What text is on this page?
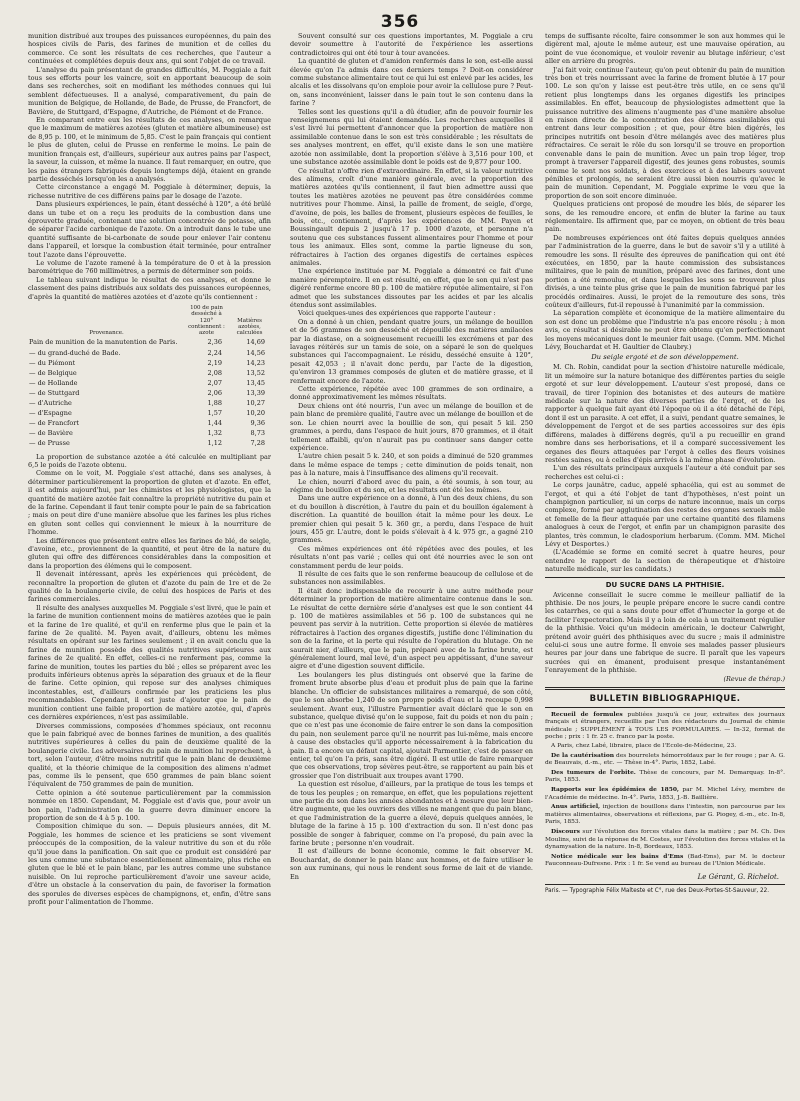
356

munition distribué aux troupes des puissances européennes, du pain des hospices civils de Paris, des farines de munition et de celles du commerce. Ce sont les résultats de ces recherches, que l'auteur a continuées et complétées depuis deux ans, qui sont l'objet de ce travail.

L'analyse du pain présentant de grandes difficultés, M. Poggiale a fait tous ses efforts pour les vaincre, soit en apportant beaucoup de soin dans ses recherches, soit en modifiant les méthodes connues qui lui semblent défectueuses. Il a analysé, comparativement, du pain de munition de Belgique, de Hollande, de Bade, de Prusse, de Francfort, de Bavière, de Stuttgard, d'Espagne, d'Autriche, de Piémont et de France.

En comparant entre eux les résultats de ces analyses, on remarque que le maximum de matières azotées (gluten et matière albumineuse) est de 8,95 p. 100, et le minimum de 5,85. C'est le pain français qui contient le plus de gluten, celui de Prusse en renferme le moins. Le pain de munition français est, d'ailleurs, supérieur aux autres pains par l'aspect, la saveur, la cuisson, et même la nuance. Il faut remarquer, en outre, que les pains étrangers fabriqués depuis longtemps déjà, étaient en grande partie desséchés lorsqu'on les a analysés.

Cette circonstance a engagé M. Poggiale à déterminer, depuis, la richesse nutritive de ces différens pains par le dosage de l'azote.

Dans plusieurs expériences, le pain, étant desséché à 120°, a été brûlé dans un tube et on a reçu les produits de la combustion dans une éprouvette graduée, contenant une solution concentrée de potasse, afin de séparer l'acide carbonique de l'azote. On a introduit dans le tube une quantité suffisante de bi-carbonate de soude pour enlever l'air contenu dans l'appareil, et lorsque la combustion était terminée, pour entraîner tout l'azote dans l'éprouvette.

Le volume de l'azote ramené à la température de 0 et à la pression barométrique de 760 millimètres, a permis de déterminer son poids.

Le tableau suivant indique le résultat de ces analyses, et donne le classement des pains distribués aux soldats des puissances européennes, d'après la quantité de matières azotées et d'azote qu'ils contiennent :

Provenance.	100 de pain desséché à 120° contiennent : azote	Matières azotées, calculées
Pain de munition de la manutention de Paris.	2,36	14,69
— du grand-duché de Bade.	2,24	14,56
— du Piémont	2,19	14,23
— de Belgique	2,08	13,52
— de Hollande	2,07	13,45
— de Stuttgard	2,06	13,39
— d'Autriche	1,88	10,27
— d'Espagne	1,57	10,20
— de Francfort	1,44	9,36
— de Bavière	1,32	8,73
— de Prusse	1,12	7,28

La proportion de substance azotée a été calculée en multipliant par 6,5 le poids de l'azote obtenu.

Comme on le voit, M. Poggiale s'est attaché, dans ses analyses, à déterminer particulièrement la proportion de gluten et d'azote. En effet, il est admis aujourd'hui, par les chimistes et les physiologistes, que la quantité de matière azotée fait connaître la propriété nutritive du pain et de la farine. Cependant il faut tenir compte pour le pain de sa fabrication ; mais on peut dire d'une manière absolue que les farines les plus riches en gluten sont celles qui conviennent le mieux à la nourriture de l'homme.

Les différences que présentent entre elles les farines de blé, de seigle, d'avoine, etc., proviennent de la quantité, et peut être de la nature du gluten qui offre des différences considérables dans la composition et dans la proportion des élémens qui le composent.

Il devenait intéressant, après les expériences qui précèdent, de reconnaître la proportion de gluten et d'azote du pain de 1re et de 2e qualité de la boulangerie civile, de celui des hospices de Paris et des farines commerciales.

Il résulte des analyses auxquelles M. Poggiale s'est livré, que le pain et la farine de munition contiennent moins de matières azotées que le pain et la farine de 1re qualité, et qu'il en renferme plus que le pain et la farine de 2e qualité. M. Payen avait, d'ailleurs, obtenu les mêmes résultats en opérant sur les farines seulement ; il en avait conclu que la farine de munition possède des qualités nutritives supérieures aux farines de 2e qualité. En effet, celles-ci ne renferment pas, comme la farine de munition, toutes les parties du blé ; elles se préparent avec les produits inférieurs obtenus après la séparation des gruaux et de la fleur de farine. Cette opinion, qui repose sur des analyses chimiques incontestables, est, d'ailleurs confirmée par les praticiens les plus recommandables. Cependant, il est juste d'ajouter que le pain de munition contient une faible proportion de matière azotée, qui, d'après ces dernières expériences, n'est pas assimilable.

Diverses commissions, composées d'hommes spéciaux, ont reconnu que le pain fabriqué avec de bonnes farines de munition, a des qualités nutritives supérieures à celles du pain de deuxième qualité de la boulangerie civile. Les adversaires du pain de munition lui reprochent, à tort, selon l'auteur, d'être moins nutritif que le pain blanc de deuxième qualité, et la théorie chimique de la composition des alimens n'admet pas, comme ils le pensent, que 650 grammes de pain blanc soient l'équivalent de 750 grammes de pain de munition.

Cette opinion a été soutenue particulièrement par la commission nommée en 1850. Cependant, M. Poggiale est d'avis que, pour avoir un bon pain, l'administration de la guerre devra diminuer encore la proportion de son de 4 à 5 p. 100.

Composition chimique du son. — Depuis plusieurs années, dit M. Poggiale, les hommes de science et les praticiens se sont vivement préoccupés de la composition, de la valeur nutritive du son et du rôle qu'il joue dans la panification. On sait que ce produit est considéré par les uns comme une substance essentiellement alimentaire, plus riche en gluten que le blé et le pain blanc, par les autres comme une substance nuisible. On lui reproche particulièrement d'avoir une saveur acide, d'être un obstacle à la conservation du pain, de favoriser la formation des sporules de diverses espèces de champignons, et, enfin, d'être sans profit pour l'alimentation de l'homme.

Souvent consulté sur ces questions importantes, M. Poggiale a cru devoir soumettre à l'autorité de l'expérience les assertions contradictoires qui ont été tour à tour avancées.

La quantité de gluten et d'amidon renfermés dans le son, est-elle aussi élevée qu'on l'a admis dans ces derniers temps ? Doit-on considérer comme substance alimentaire tout ce qui lui est enlevé par les acides, les alcalis et les dissolvans qu'on emploie pour avoir la cellulose pure ? Peut-on, sans inconvénient, laisser dans le pain tout le son contenu dans la farine ?

Telles sont les questions qu'il a dû étudier, afin de pouvoir fournir les renseignemens qui lui étaient demandés. Les recherches auxquelles il s'est livré lui permettent d'annoncer que la proportion de matière non assimilable contenue dans le son est très considérable ; les résultats de ses analyses montrent, en effet, qu'il existe dans le son une matière azotée non assimilable, dont la proportion s'élève à 3,516 pour 100, et une substance azotée assimilable dont le poids est de 9,877 pour 100.

Ce résultat n'offre rien d'extraordinaire. En effet, si la valeur nutritive des alimens, croît d'une manière générale, avec la proportion des matières azotées qu'ils contiennent, il faut bien admettre aussi que toutes les matières azotées ne peuvent pas être considérées comme nutritives pour l'homme. Ainsi, la paille de froment, de seigle, d'orge, d'avoine, de pois, les balles de froment, plusieurs espèces de feuilles, le bois, etc., contiennent, d'après les expériences de MM. Payen et Boussingault depuis 2 jusqu'à 17 p. 1000 d'azote, et personne n'a soutenu que ces substances fussent alimentaires pour l'homme et pour tous les animaux. Elles sont, comme la partie ligneuse du son, réfractaires à l'action des organes digestifs de certaines espèces animales.

Une expérience instituée par M. Poggiale a démontré ce fait d'une manière péremptoire. Il en est résulté, en effet, que le son qui n'est pas digéré renferme encore 80 p. 100 de matière réputée alimentaire, si l'on admet que les substances dissoutes par les acides et par les alcalis étendus sont assimilables.

Voici quelques-unes des expériences que rapporte l'auteur :

On a donné à un chien, pendant quatre jours, un mélange de bouillon et de 56 grammes de son desséché et dépouillé des matières amilacées par la diastase, on a soigneusement recueilli les excrémens et par des lavages réitérés sur un tamis de soie, on a séparé le son de quelques substances qui l'accompagnaient. Le résidu, desséché ensuite à 120°, pesait 42,053 ; il n'avait donc perdu, par l'acte de la digestion, qu'environ 13 grammes composés de gluten et de matière grasse, et il renfermait encore de l'azote.

Cette expérience, répétée avec 100 grammes de son ordinaire, a donné approximativement les mêmes résultats.

Deux chiens ont été nourris, l'un avec un mélange de bouillon et de pain blanc de première qualité, l'autre avec un mélange de bouillon et de son. Le chien nourri avec la bouillie de son, qui pesait 5 kil. 250 grammes, a perdu, dans l'espace de huit jours, 870 grammes, et il était tellement affaibli, qu'on n'aurait pas pu continuer sans danger cette expérience.

L'autre chien pesait 5 k. 240, et son poids a diminué de 520 grammes dans le même espace de temps ; cette diminution de poids tenait, non pas à la nature, mais à l'insuffisance des alimens qu'il recevait.

Le chien, nourri d'abord avec du pain, a été soumis, à son tour, au régime du bouillon et du son, et les résultats ont été les mêmes.

Dans une autre expérience on a donné, à l'un des deux chiens, du son et du bouillon à discrétion, à l'autre du pain et du bouillon également à discrétion. La quantité de bouillon était la même pour les deux. Le premier chien qui pesait 5 k. 360 gr., a perdu, dans l'espace de huit jours, 455 gr. L'autre, dont le poids s'élevait à 4 k. 975 gr., a gagné 210 grammes.

Ces mêmes expériences ont été répétées avec des poules, et les résultats n'ont pas varié ; celles qui ont été nourries avec le son ont constamment perdu de leur poids.

Il résulte de ces faits que le son renferme beaucoup de cellulose et de substances non assimilables.

Il était donc indispensable de recourir à une autre méthode pour déterminer la proportion de matière alimentaire contenue dans le son. Le résultat de cette dernière série d'analyses est que le son contient 44 p. 100 de matières assimilables et 56 p. 100 de substances qui ne peuvent pas servir à la nutrition. Cette proportion si élevée de matières réfractaires à l'action des organes digestifs, justifie donc l'élimination du son de la farine, et la perte qui résulte de l'opération du blutage. On ne saurait nier, d'ailleurs, que le pain, préparé avec de la farine brute, est généralement lourd, mal levé, d'un aspect peu appétissant, d'une saveur aigre et d'une digestion souvent difficile.

Les boulangers les plus distingués ont observé que la farine de froment brute absorbe plus d'eau et produit plus de pain que la farine blanche. Un officier de subsistances militaires a remarqué, de son côté, que le son absorbe 1,240 de son propre poids d'eau et la recoupe 0,998 seulement. Avant eux, l'illustre Parmentier avait déclaré que le son en substance, quelque divisé qu'on le suppose, fait du poids et non du pain ; que ce n'est pas une économie de faire entrer le son dans la composition du pain, non seulement parce qu'il ne nourrit pas lui-même, mais encore à cause des obstacles qu'il apporte nécessairement à la fabrication du pain. Il a encore un défaut capital, ajoutait Parmentier, c'est de passer en entier, tel qu'on l'a pris, sans être digéré. Il est utile de faire remarquer que ces observations, trop sévères peut-être, se rapportent au pain bis et grossier que l'on distribuait aux troupes avant 1790.

La question est résolue, d'ailleurs, par la pratique de tous les temps et de tous les peuples ; on remarque, en effet, que les populations rejettent une partie du son dans les années abondantes et à mesure que leur bien-être augmente, que les ouvriers des villes ne mangent que du pain blanc, et que l'administration de la guerre a élevé, depuis quelques années, le blutage de la farine à 15 p. 100 d'extraction du son. Il n'est donc pas possible de songer à fabriquer, comme on l'a proposé, du pain avec la farine brute ; personne n'en voudrait.

Il est d'ailleurs de bonne économie, comme le fait observer M. Bouchardat, de donner le pain blanc aux hommes, et de faire utiliser le son aux ruminans, qui nous le rendent sous forme de lait et de viande. En

temps de suffisante récolte, faire consommer le son aux hommes qui le digèrent mal, ajoute le même auteur, est une mauvaise opération, au point de vue économique, et vouloir revenir au blutage inférieur, c'est aller en arrière du progrès.

J'ai fait voir, continue l'auteur, qu'on peut obtenir du pain de munition très bon et très nourrissant avec la farine de froment blutée à 17 pour 100. Le son qu'on y laisse est peut-être très utile, en ce sens qu'il retient plus longtemps dans les organes digestifs les principes assimilables. En effet, beaucoup de physiologistes admettent que la puissance nutritive des alimens n'augmente pas d'une manière absolue en raison directe de la concentration des élémens assimilables qui entrent dans leur composition ; et que, pour être bien digérés, les principes nutritifs ont besoin d'être mélangés avec des matières plus réfractaires. Ce serait le rôle du son lorsqu'il se trouve en proportion convenable dans le pain de munition. Avec un pain trop léger, trop prompt à traverser l'appareil digestif, des jeunes gens robustes, soumis comme le sont nos soldats, à des exercices et à des labeurs souvent pénibles et prolongés, ne seraient être aussi bien nourris qu'avec le pain de munition. Cependant, M. Poggiale exprime le vœu que la proportion de son soit encore diminuée.

Quelques praticiens ont proposé de moudre les blés, de séparer les sons, de les remoudre encore, et enfin de bluter la farine au taux réglementaire. Ils affirment que, par ce moyen, on obtient de très beau pain.

De nombreuses expériences ont été faites depuis quelques années par l'administration de la guerre, dans le but de savoir s'il y a utilité à remoudre les sons. Il résulte des épreuves de panification qui ont été exécutées, en 1850, par la haute commission des subsistances militaires, que le pain de munition, préparé avec des farines, dont une portion a été remoulue, et dans lesquelles les sons se trouvent plus divisés, a une teinte plus grise que le pain de munition fabriqué par les procédés ordinaires. Aussi, le projet de la remouture des sons, très coûteux d'ailleurs, fut-il repoussé à l'unanimité par la commission.

La séparation complète et économique de la matière alimentaire du son est donc un problème que l'industrie n'a pas encore résolu ; à mon avis, ce résultat si désirable ne peut être obtenu qu'en perfectionnant les moyens mécaniques dont le meunier fait usage. (Comm. MM. Michel Lévy, Bouchardat et H. Gaultier de Claubry.)

Du seigle ergoté et de son développement.

M. Ch. Robin, candidat pour la section d'histoire naturelle médicale, lit un mémoire sur la nature botanique des différentes parties du seigle ergoté et sur leur développement. L'auteur s'est proposé, dans ce travail, de tirer l'opinion des botanistes et des auteurs de matière médicale sur la nature des diverses parties de l'ergot, et de les rapporter à quelque fait ayant été l'époque où il a été détaché de l'épi, dont il est un parasite. A cet effet, il a suivi, pendant quatre semaines, le développement de l'ergot et de ses parties accessoires sur des épis différens, malades à différens degrés, qu'il a pu recueillir en grand nombre dans ses herborisations, et il a comparé successivement les organes des fleurs attaquées par l'ergot à celles des fleurs voisines restées saines, ou à celles d'épis arrivés à la même phase d'évolution.

L'un des résultats principaux auxquels l'auteur a été conduit par ses recherches est celui-ci :

Le corps jaunâtre, caduc, appelé sphacélia, qui est au sommet de l'ergot, et qui a été l'objet de tant d'hypothèses, n'est point un champignon particulier, ni un corps de nature inconnue, mais un corps complexe, formé par agglutination des restes des organes sexuels mâle et femelle de la fleur attaquée par une certaine quantité des filamens analogues à ceux de l'ergot, et enfin par un champignon parasite des plantes, très commun, le cladosporium herbarum. (Comm. MM. Michel Lévy et Desportes.)

(L'Académie se forme en comité secret à quatre heures, pour entendre le rapport de la section de thérapeutique et d'histoire naturelle médicale, sur les candidats.)

DU SUCRE DANS LA PHTHISIE.

Avicenne conseillait le sucre comme le meilleur palliatif de la phthisie. De nos jours, le peuple prépare encore le sucre candi contre les catarrhes, ce qui a sans doute pour effet d'humecter la gorge et de faciliter l'expectoration. Mais il y a loin de cela à un traitement régulier de la phthisie. Voici qu'un médecin américain, le docteur Calwright, prétend avoir guéri des phthisiques avec du sucre ; mais il administre celui-ci sous une autre forme. Il envoie ses malades passer plusieurs heures par jour dans une fabrique de sucre. Il paraît que les vapeurs sucrées qui en émanent, produisent presque instantanément l'enrayement de la phthisie.

(Revue de thérap.)
BULLETIN BIBLIOGRAPHIQUE.

Recueil de formules publiées jusqu'à ce jour, extraites des journaux français et étrangers, recueillis par l'un des rédacteurs du Journal de chimie médicale ; SUPPLÉMENT à TOUS LES FORMULAIRES. — In-32, format de poche ; prix : 1 fr. 25 c. franco par la poste.

A Paris, chez Labé, libraire, place de l'Ecole-de-Médecine, 23.

De la cautérisation des bourrelets hémorroïdaux par le fer rouge ; par A. G. de Beauvais, d.-m., etc. — Thèse in-4°. Paris, 1852, Labé.

Des tumeurs de l'orbite. Thèse de concours, par M. Demarquay. In-8°. Paris, 1853.

Rapports sur les épidémies de 1850, par M. Michel Lévy, membre de l'Académie de médecine. In-4°. Paris, 1853, J.-B. Baillière.

Anus artificiel, injection de bouillons dans l'intestin, non parcourue par les matières alimentaires, observations et réflexions, par G. Piogey, d.-m., etc. In-8, Paris, 1853.

Discours sur l'évolution des forces vitales dans la matière ; par M. Ch. Des Moulins, suivi de la réponse de M. Costes, sur l'évolution des forces vitales et la dynamysation de la nature. In-8, Bordeaux, 1853.

Notice médicale sur les bains d'Ems (Bad-Ems), par M. le docteur Fauconneau-Dufresne. Prix : 1 fr. Se vend au bureau de l'Union Médicale.

Le Gérant, G. Richelot.
Paris. — Typographie Félix Malteste et C°, rue des Deux-Portes-St-Sauveur, 22.
